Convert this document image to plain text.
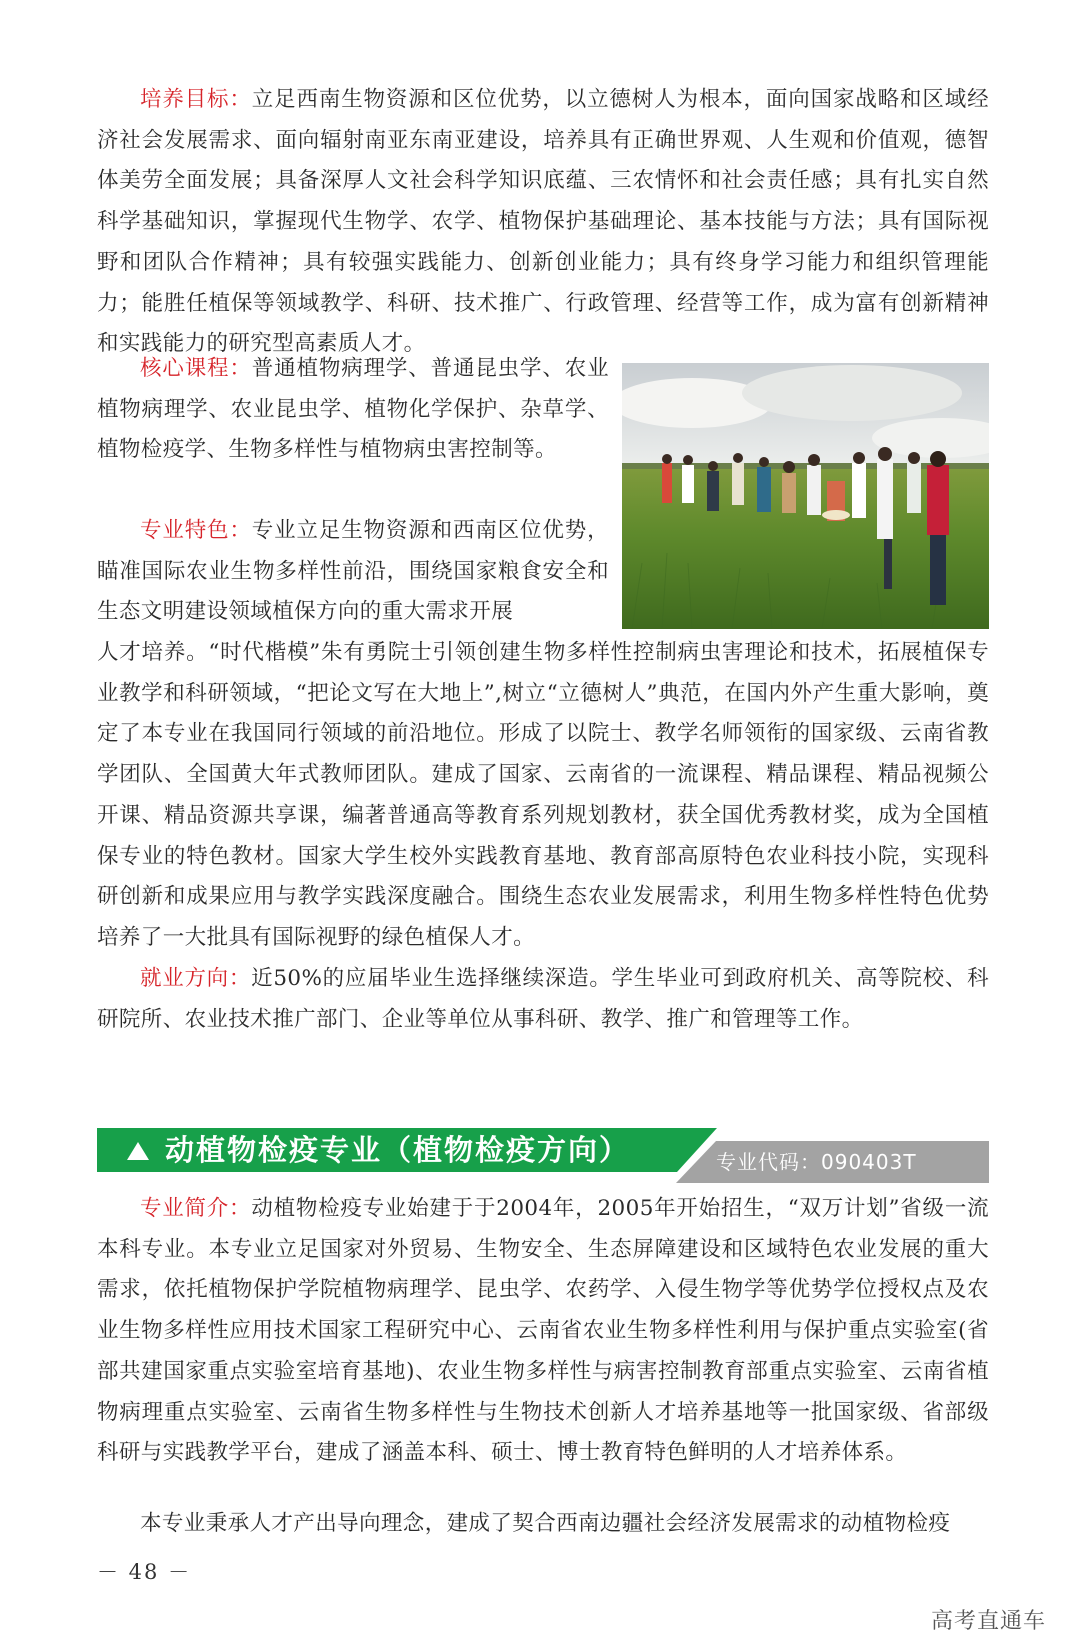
培养目标：立足西南生物资源和区位优势，以立德树人为根本，面向国家战略和区域经济社会发展需求、面向辐射南亚东南亚建设，培养具有正确世界观、人生观和价值观，德智体美劳全面发展；具备深厚人文社会科学知识底蕴、三农情怀和社会责任感；具有扎实自然科学基础知识，掌握现代生物学、农学、植物保护基础理论、基本技能与方法；具有国际视野和团队合作精神；具有较强实践能力、创新创业能力；具有终身学习能力和组织管理能力；能胜任植保等领域教学、科研、技术推广、行政管理、经营等工作，成为富有创新精神和实践能力的研究型高素质人才。

核心课程：普通植物病理学、普通昆虫学、农业植物病理学、农业昆虫学、植物化学保护、杂草学、植物检疫学、生物多样性与植物病虫害控制等。

专业特色：专业立足生物资源和西南区位优势，瞄准国际农业生物多样性前沿，围绕国家粮食安全和生态文明建设领域植保方向的重大需求开展

人才培养。“时代楷模”朱有勇院士引领创建生物多样性控制病虫害理论和技术，拓展植保专业教学和科研领域，“把论文写在大地上”,树立“立德树人”典范，在国内外产生重大影响，奠定了本专业在我国同行领域的前沿地位。形成了以院士、教学名师领衔的国家级、云南省教学团队、全国黄大年式教师团队。建成了国家、云南省的一流课程、精品课程、精品视频公开课、精品资源共享课，编著普通高等教育系列规划教材，获全国优秀教材奖，成为全国植保专业的特色教材。国家大学生校外实践教育基地、教育部高原特色农业科技小院，实现科研创新和成果应用与教学实践深度融合。围绕生态农业发展需求，利用生物多样性特色优势培养了一大批具有国际视野的绿色植保人才。

就业方向：近50%的应届毕业生选择继续深造。学生毕业可到政府机关、高等院校、科研院所、农业技术推广部门、企业等单位从事科研、教学、推广和管理等工作。

动植物检疫专业（植物检疫方向）	专业代码：090403T

专业简介：动植物检疫专业始建于于2004年，2005年开始招生，“双万计划”省级一流本科专业。本专业立足国家对外贸易、生物安全、生态屏障建设和区域特色农业发展的重大需求，依托植物保护学院植物病理学、昆虫学、农药学、入侵生物学等优势学位授权点及农业生物多样性应用技术国家工程研究中心、云南省农业生物多样性利用与保护重点实验室(省部共建国家重点实验室培育基地)、农业生物多样性与病害控制教育部重点实验室、云南省植物病理重点实验室、云南省生物多样性与生物技术创新人才培养基地等一批国家级、省部级科研与实践教学平台，建成了涵盖本科、硕士、博士教育特色鲜明的人才培养体系。

本专业秉承人才产出导向理念，建成了契合西南边疆社会经济发展需求的动植物检疫

－ 48 －
高考直通车
